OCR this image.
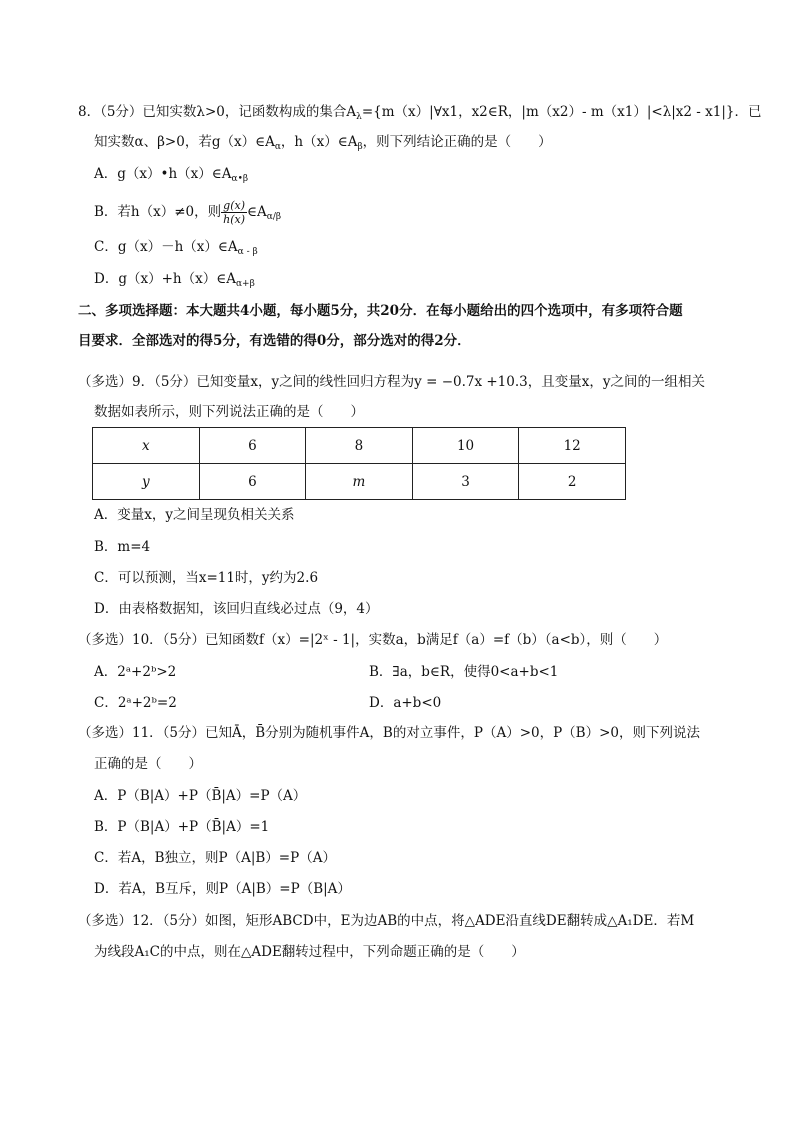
8．（5分）已知实数λ>0，记函数构成的集合$A_\lambda=\{m(x)|\forall x1$，x2∈R，|m（x2）- m（x1）|<λ|x2 - x1|}．已
知实数α、β>0，若$g(x)\in A_\alpha$，$h(x)\in A_\beta$，则下列结论正确的是（　　）
A．$g(x)•h(x)\in A_{\alpha•\beta}$
B．若h（x）≠0，则 $\frac{g(x)}{h(x)}$ $\in A_{\alpha/\beta}$
C．$g(x)-h(x)\in A_{\alpha - \beta}$
D．$g(x)+h(x)\in A_{\alpha+\beta}$
二、多项选择题：本大题共4小题，每小题5分，共20分．在每小题给出的四个选项中，有多项符合题
目要求．全部选对的得5分，有选错的得0分，部分选对的得2分．
（多选）9．（5分）已知变量x，y之间的线性回归方程为y = −0.7x +10.3，且变量x，y之间的一组相关
数据如表所示，则下列说法正确的是（　　）
x	6	8	10	12
y	6	m	3	2
A．变量x，y之间呈现负相关关系
B．m=4
C．可以预测，当x=11时，y约为2.6
D．由表格数据知，该回归直线必过点（9，4）
（多选）10．（5分）已知函数f（x）=|2ˣ - 1|，实数a，b满足f（a）=f（b）（a<b），则（　　）
A．2ᵃ+2ᵇ>2	B．∃a，b∈R，使得0<a+b<1
C．2ᵃ+2ᵇ=2	D．a+b<0
（多选）11．（5分）已知Ā，B̄分别为随机事件A，B的对立事件，P（A）>0，P（B）>0，则下列说法
正确的是（　　）
A．P（B|A）+P（B̄|A）=P（A）
B．P（B|A）+P（B̄|A）=1
C．若A，B独立，则P（A|B）=P（A）
D．若A，B互斥，则P（A|B）=P（B|A）
（多选）12．（5分）如图，矩形ABCD中，E为边AB的中点，将△ADE沿直线DE翻转成△A₁DE．若M
为线段A₁C的中点，则在△ADE翻转过程中，下列命题正确的是（　　）
